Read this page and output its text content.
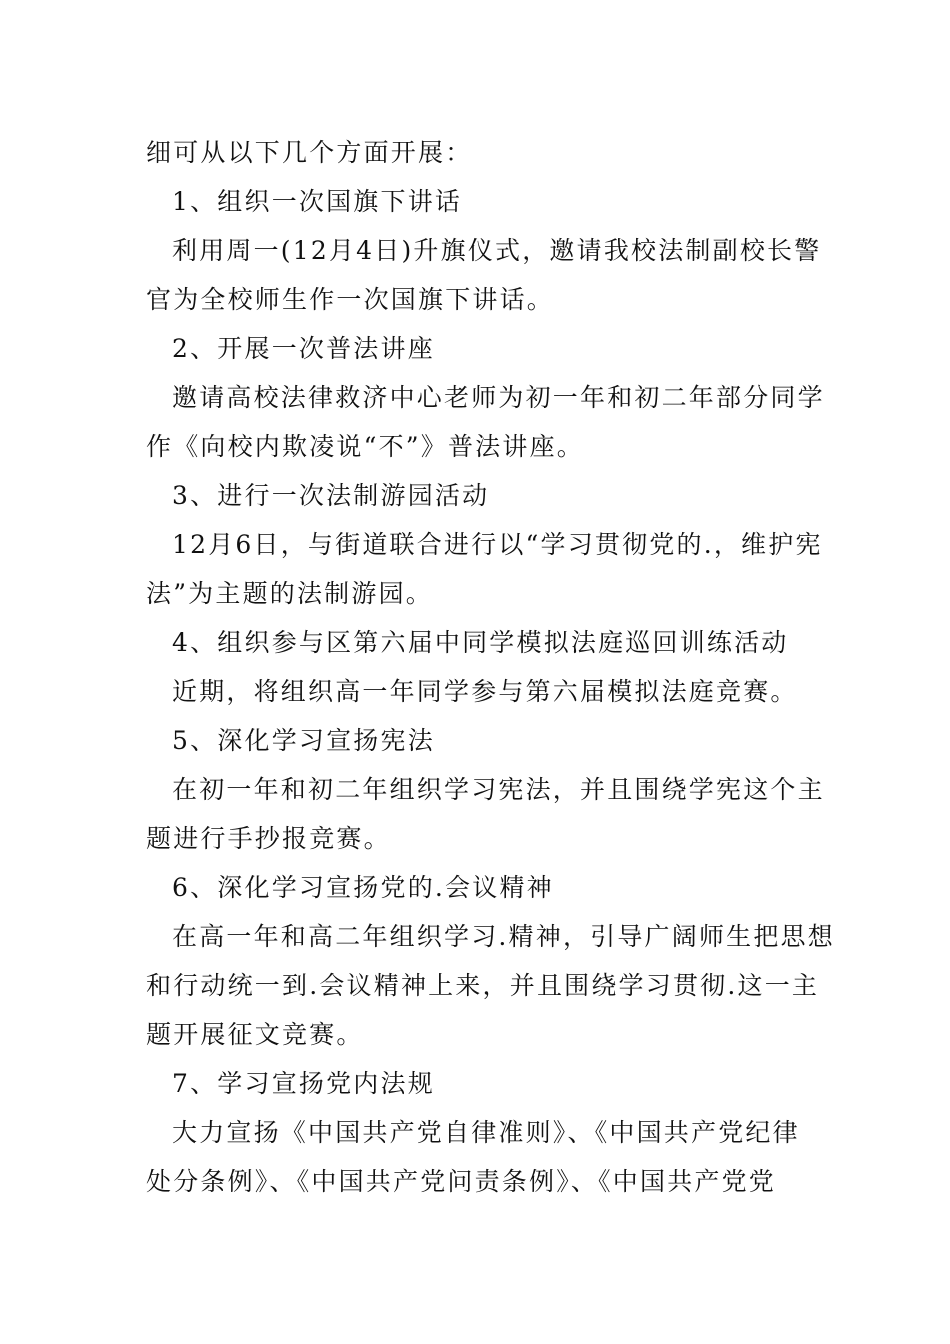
细可从以下几个方面开展：
1、组织一次国旗下讲话
利用周一(12月4日)升旗仪式，邀请我校法制副校长警
官为全校师生作一次国旗下讲话。
2、开展一次普法讲座
邀请高校法律救济中心老师为初一年和初二年部分同学
作《向校内欺凌说“不”》普法讲座。
3、进行一次法制游园活动
12月6日，与街道联合进行以“学习贯彻党的.，维护宪
法”为主题的法制游园。
4、组织参与区第六届中同学模拟法庭巡回训练活动
近期，将组织高一年同学参与第六届模拟法庭竞赛。
5、深化学习宣扬宪法
在初一年和初二年组织学习宪法，并且围绕学宪这个主
题进行手抄报竞赛。
6、深化学习宣扬党的.会议精神
在高一年和高二年组织学习.精神，引导广阔师生把思想
和行动统一到.会议精神上来，并且围绕学习贯彻.这一主
题开展征文竞赛。
7、学习宣扬党内法规
大力宣扬《中国共产党自律准则》、《中国共产党纪律
处分条例》、《中国共产党问责条例》、《中国共产党党
